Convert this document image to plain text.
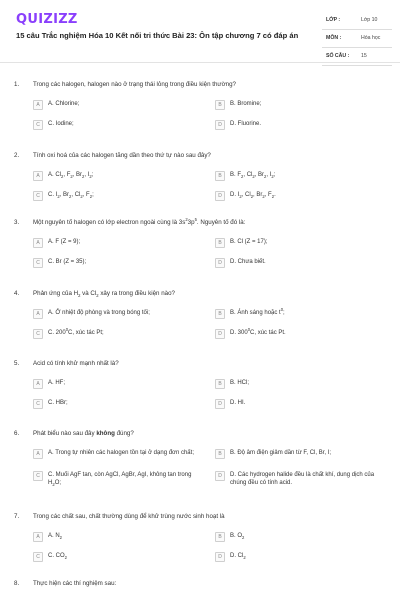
QUIZIZZ
15 câu Trắc nghiệm Hóa 10 Kết nối tri thức Bài 23: Ôn tập chương 7 có đáp án
LỚP :	Lớp 10
MÔN :	Hóa học
SỐ CÂU : 15
1. Trong các halogen, halogen nào ở trạng thái lỏng trong điều kiện thường?
A	A. Chlorine;	B	B. Bromine;
C	C. Iodine;	D	D. Fluorine.
2. Tính oxi hoá của các halogen tăng dần theo thứ tự nào sau đây?
A	A. $Cl_2$, $F_2$, $Br_2$, $I_2$;	B	B. $F_2$, $Cl_2$, $Br_2$, $I_2$;
C	C. $I_2$, $Br_2$, $Cl_2$, $F_2$;	D	D. $I_2$, $Cl_2$, $Br_2$, $F_2$.
3. Một nguyên tố halogen có lớp electron ngoài cùng là $3s^23p^5$. Nguyên tố đó là:
A	A. F (Z = 9);	B	B. Cl (Z = 17);
C	C. Br (Z = 35);	D	D. Chưa biết.
4. Phản ứng của $H_2$ và $Cl_2$ xảy ra trong điều kiện nào?
A	A. Ở nhiệt độ phòng và trong bóng tối;	B	B. Ánh sáng hoặc $t^0$;
C	C. $200^0C$, xúc tác Pt;	D	D. $300^0C$, xúc tác Pt.
5. Acid có tính khử mạnh nhất là?
A	A. HF;	B	B. HCl;
C	C. HBr;	D	D. HI.
6. Phát biểu nào sau đây không đúng?
A	A. Trong tự nhiên các halogen tồn tại ở dạng đơn chất;	B	B. Độ âm điện giảm dần từ F, Cl, Br, I;
C	C. Muối AgF tan, còn AgCl, AgBr, AgI, không tan trong $H_2O$;
D	D. Các hydrogen halide đều là chất khí, dung dịch của chúng đều có tính acid.
7. Trong các chất sau, chất thường dùng để khử trùng nước sinh hoạt là
A	A. $N_2$	B	B. $O_2$
C	C. $CO_2$	D	D. $Cl_2$
8. Thực hiện các thí nghiệm sau:
